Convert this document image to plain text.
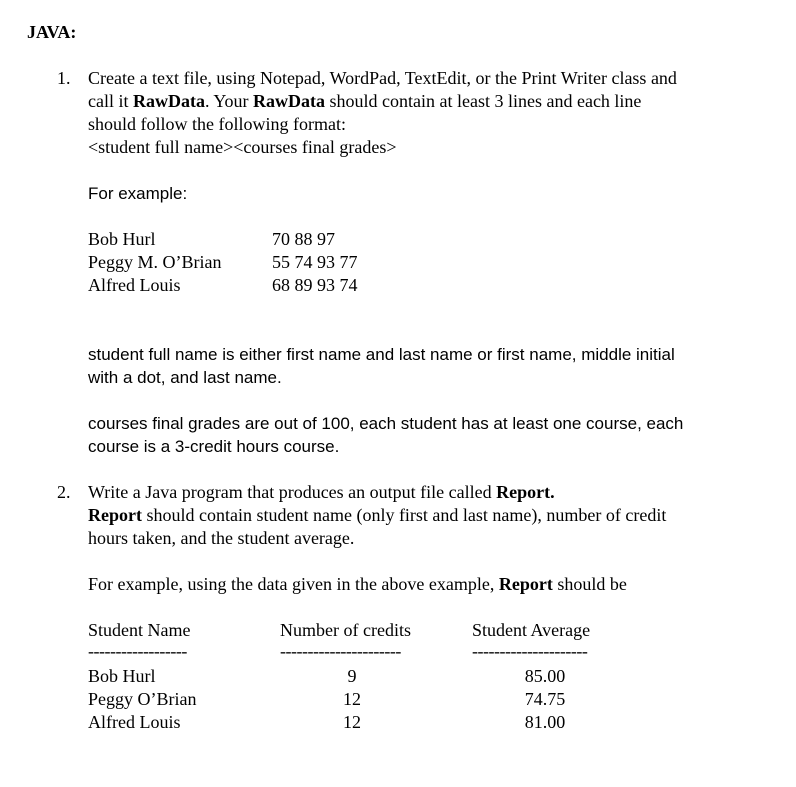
JAVA:
1. Create a text file, using Notepad, WordPad, TextEdit, or the Print Writer class and
call it RawData. Your RawData should contain at least 3 lines and each line
should follow the following format:
<student full name><courses final grades>
For example:
Bob Hurl	70 88 97
Peggy M. O’Brian	55 74 93 77
Alfred Louis	68 89 93 74
student full name is either first name and last name or first name, middle initial
with a dot, and last name.
courses final grades are out of 100, each student has at least one course, each
course is a 3-credit hours course.
2. Write a Java program that produces an output file called Report.
Report should contain student name (only first and last name), number of credit
hours taken, and the student average.
For example, using the data given in the above example, Report should be
Student Name	Number of credits	Student Average
------------------	----------------------	---------------------
Bob Hurl	9	85.00
Peggy O’Brian	12	74.75
Alfred Louis	12	81.00
